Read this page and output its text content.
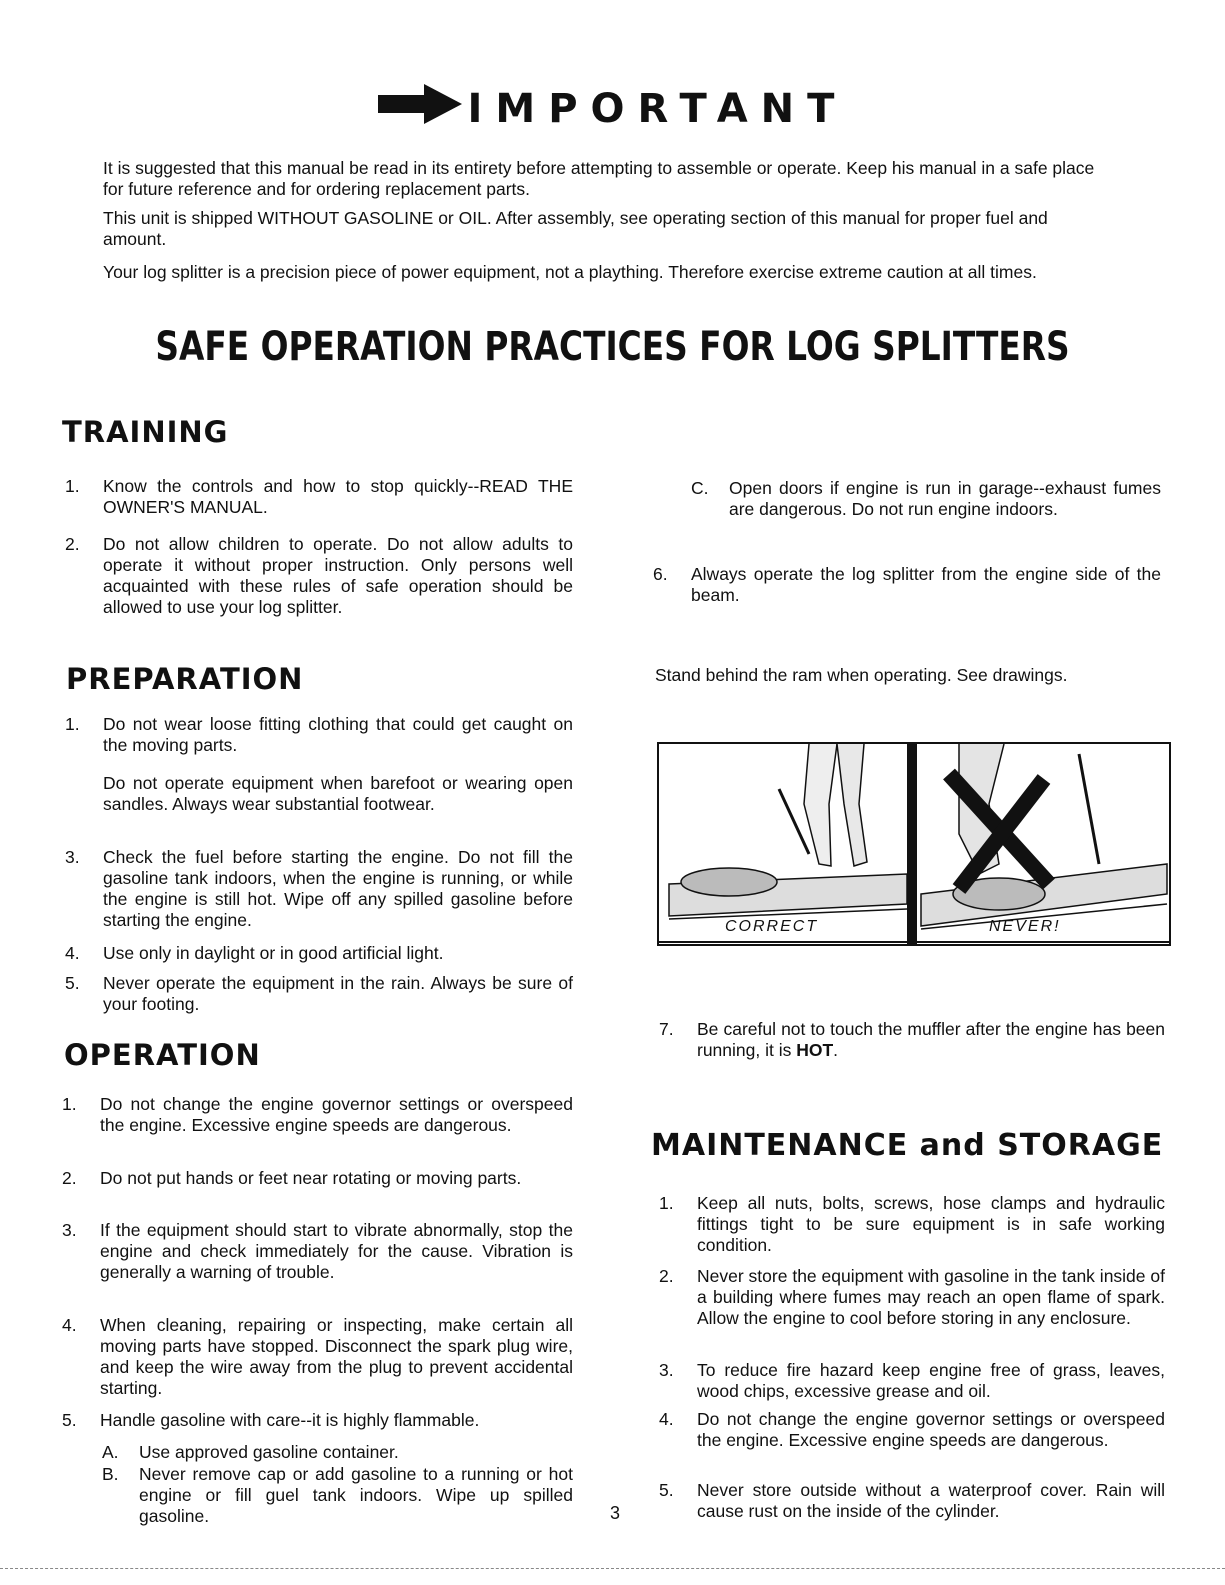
IMPORTANT

It is suggested that this manual be read in its entirety before attempting to assemble or operate. Keep his manual in a safe place for future reference and for ordering replacement parts.

This unit is shipped WITHOUT GASOLINE or OIL. After assembly, see operating section of this manual for proper fuel and amount.

Your log splitter is a precision piece of power equipment, not a plaything. Therefore exercise extreme caution at all times.

SAFE OPERATION PRACTICES FOR LOG SPLITTERS
TRAINING
1. Know the controls and how to stop quickly--READ THE OWNER'S MANUAL.
2. Do not allow children to operate. Do not allow adults to operate it without proper instruction. Only persons well acquainted with these rules of safe operation should be allowed to use your log splitter.
PREPARATION
1. Do not wear loose fitting clothing that could get caught on the moving parts.
Do not operate equipment when barefoot or wearing open sandles. Always wear substantial footwear.
3. Check the fuel before starting the engine. Do not fill the gasoline tank indoors, when the engine is running, or while the engine is still hot. Wipe off any spilled gasoline before starting the engine.
4. Use only in daylight or in good artificial light.
5. Never operate the equipment in the rain. Always be sure of your footing.
OPERATION
1. Do not change the engine governor settings or overspeed the engine. Excessive engine speeds are dangerous.
2. Do not put hands or feet near rotating or moving parts.
3. If the equipment should start to vibrate abnormally, stop the engine and check immediately for the cause. Vibration is generally a warning of trouble.
4. When cleaning, repairing or inspecting, make certain all moving parts have stopped. Disconnect the spark plug wire, and keep the wire away from the plug to prevent accidental starting.
5. Handle gasoline with care--it is highly flammable.
A. Use approved gasoline container.
B. Never remove cap or add gasoline to a running or hot engine or fill guel tank indoors. Wipe up spilled gasoline.
C. Open doors if engine is run in garage--exhaust fumes are dangerous. Do not run engine indoors.
6. Always operate the log splitter from the engine side of the beam.
Stand behind the ram when operating. See drawings.
CORRECT	NEVER!
7. Be careful not to touch the muffler after the engine has been running, it is HOT.
MAINTENANCE and STORAGE
1. Keep all nuts, bolts, screws, hose clamps and hydraulic fittings tight to be sure equipment is in safe working condition.
2. Never store the equipment with gasoline in the tank inside of a building where fumes may reach an open flame of spark. Allow the engine to cool before storing in any enclosure.
3. To reduce fire hazard keep engine free of grass, leaves, wood chips, excessive grease and oil.
4. Do not change the engine governor settings or overspeed the engine. Excessive engine speeds are dangerous.
5. Never store outside without a waterproof cover. Rain will cause rust on the inside of the cylinder.
3
